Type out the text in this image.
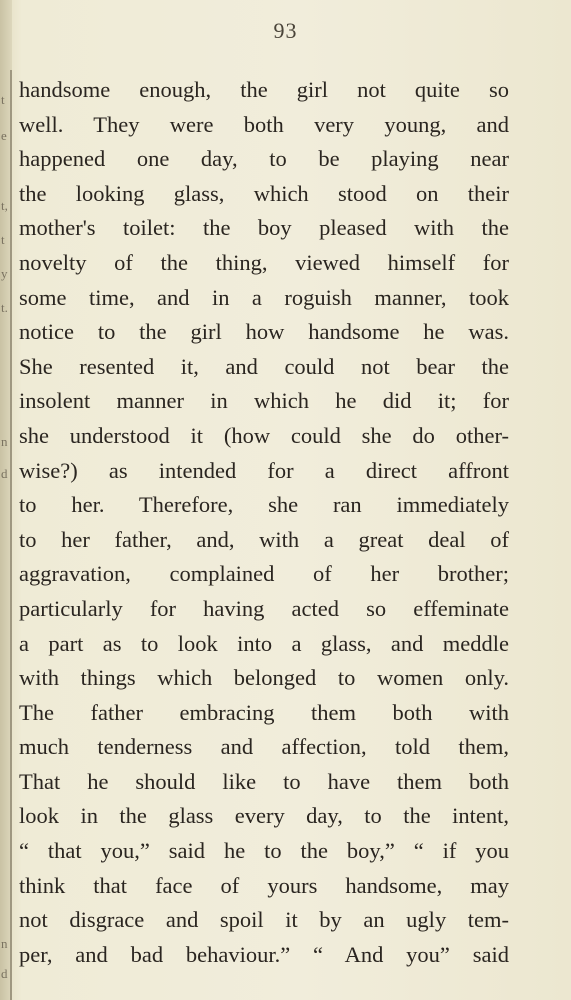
t
e
t,
t
y
t.
n
d
n
d
93
handsome enough, the girl not quite so
well. They were both very young, and
happened one day, to be playing near
the looking glass, which stood on their
mother's toilet: the boy pleased with the
novelty of the thing, viewed himself for
some time, and in a roguish manner, took
notice to the girl how handsome he was.
She resented it, and could not bear the
insolent manner in which he did it; for
she understood it (how could she do other-
wise?) as intended for a direct affront
to her. Therefore, she ran immediately
to her father, and, with a great deal of
aggravation, complained of her brother;
particularly for having acted so effeminate
a part as to look into a glass, and meddle
with things which belonged to women only.
The father embracing them both with
much tenderness and affection, told them,
That he should like to have them both
look in the glass every day, to the intent,
“ that you,” said he to the boy,” “ if you
think that face of yours handsome, may
not disgrace and spoil it by an ugly tem-
per, and bad behaviour.” “ And you” said
